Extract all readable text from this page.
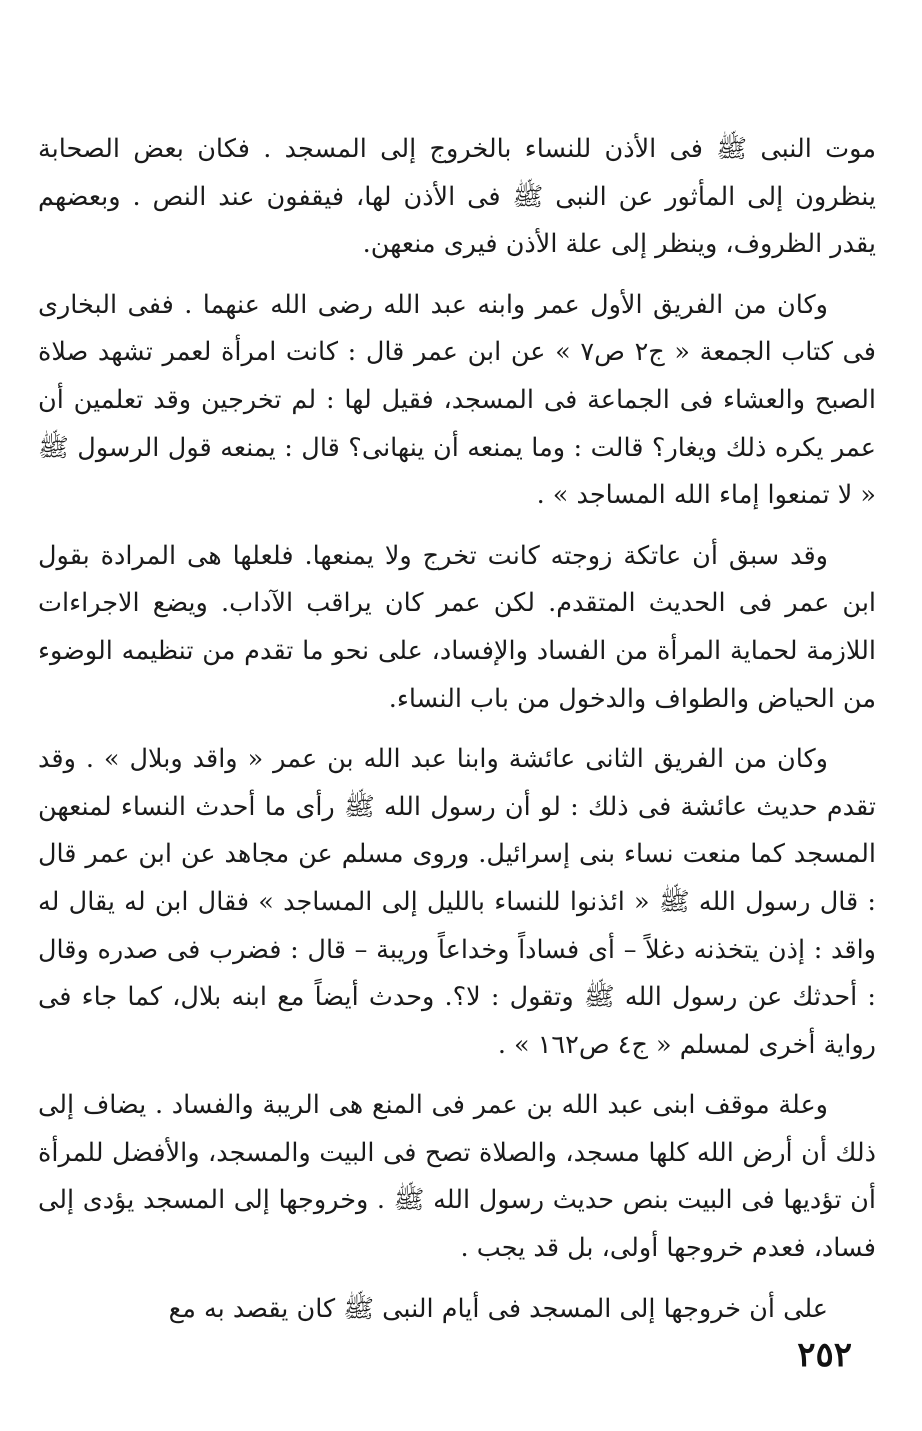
موت النبى ﷺ فى الأذن للنساء بالخروج إلى المسجد . فكان بعض الصحابة ينظرون إلى المأثور عن النبى ﷺ فى الأذن لها، فيقفون عند النص . وبعضهم يقدر الظروف، وينظر إلى علة الأذن فيرى منعهن.

وكان من الفريق الأول عمر وابنه عبد الله رضى الله عنهما . ففى البخارى فى كتاب الجمعة « ج٢ ص٧ » عن ابن عمر قال : كانت امرأة لعمر تشهد صلاة الصبح والعشاء فى الجماعة فى المسجد، فقيل لها : لم تخرجين وقد تعلمين أن عمر يكره ذلك ويغار؟ قالت : وما يمنعه أن ينهانى؟ قال : يمنعه قول الرسول ﷺ « لا تمنعوا إماء الله المساجد » .

وقد سبق أن عاتكة زوجته كانت تخرج ولا يمنعها. فلعلها هى المرادة بقول ابن عمر فى الحديث المتقدم. لكن عمر كان يراقب الآداب. ويضع الاجراءات اللازمة لحماية المرأة من الفساد والإفساد، على نحو ما تقدم من تنظيمه الوضوء من الحياض والطواف والدخول من باب النساء.

وكان من الفريق الثانى عائشة وابنا عبد الله بن عمر « واقد وبلال » . وقد تقدم حديث عائشة فى ذلك : لو أن رسول الله ﷺ رأى ما أحدث النساء لمنعهن المسجد كما منعت نساء بنى إسرائيل. وروى مسلم عن مجاهد عن ابن عمر قال : قال رسول الله ﷺ « ائذنوا للنساء بالليل إلى المساجد » فقال ابن له يقال له واقد : إذن يتخذنه دغلاً – أى فساداً وخداعاً وريبة – قال : فضرب فى صدره وقال : أحدثك عن رسول الله ﷺ وتقول : لا؟. وحدث أيضاً مع ابنه بلال، كما جاء فى رواية أخرى لمسلم « ج٤ ص١٦٢ » .

وعلة موقف ابنى عبد الله بن عمر فى المنع هى الريبة والفساد . يضاف إلى ذلك أن أرض الله كلها مسجد، والصلاة تصح فى البيت والمسجد، والأفضل للمرأة أن تؤديها فى البيت بنص حديث رسول الله ﷺ . وخروجها إلى المسجد يؤدى إلى فساد، فعدم خروجها أولى، بل قد يجب .

على أن خروجها إلى المسجد فى أيام النبى ﷺ كان يقصد به مع

٢٥٢
